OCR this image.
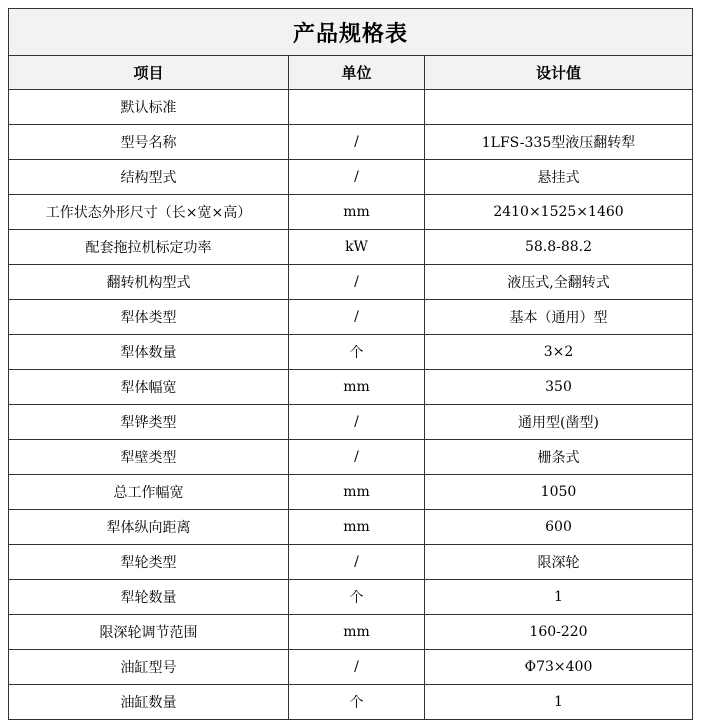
产品规格表		
项目	单位	设计值
默认标准		
型号名称	/	1LFS-335型液压翻转犁
结构型式	/	悬挂式
工作状态外形尺寸（长×宽×高）	mm	2410×1525×1460
配套拖拉机标定功率	kW	58.8-88.2
翻转机构型式	/	液压式,全翻转式
犁体类型	/	基本（通用）型
犁体数量	个	3×2
犁体幅宽	mm	350
犁铧类型	/	通用型(凿型)
犁壁类型	/	栅条式
总工作幅宽	mm	1050
犁体纵向距离	mm	600
犁轮类型	/	限深轮
犁轮数量	个	1
限深轮调节范围	mm	160-220
油缸型号	/	Φ73×400
油缸数量	个	1
